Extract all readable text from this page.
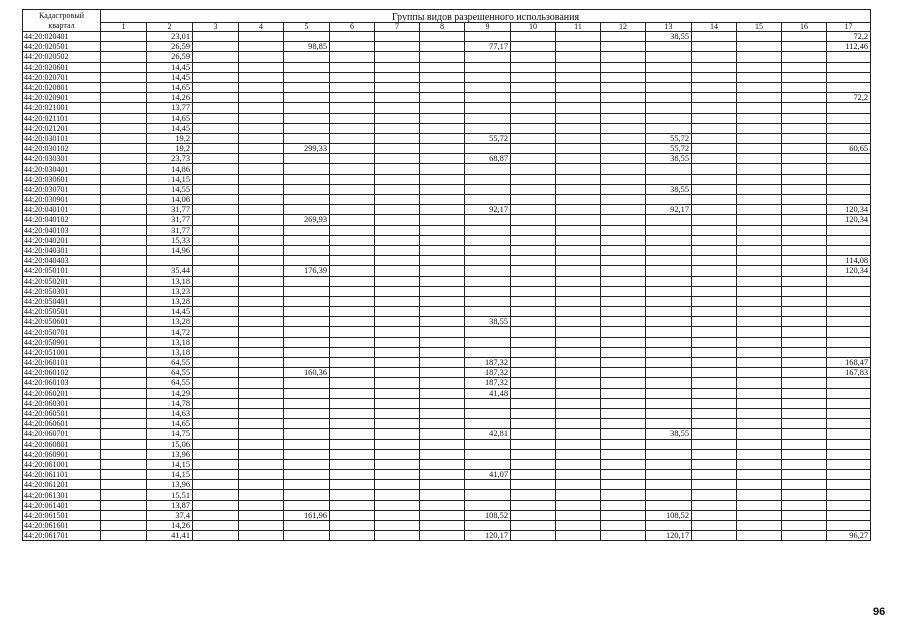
Кадастровый квартал	Группы видов разрешенного использования																
	1	2	3	4	5	6	7	8	9	10	11	12	13	14	15	16	17
44:20:020401		23,01											38,55				72,2
44:20:020501		26,59			98,85				77,17								112,46
44:20:020502		26,59															
44:20:020601		14,45															
44:20:020701		14,45															
44:20:020801		14,65															
44:20:020901		14,26															72,2
44:20:021001		13,77															
44:20:021101		14,65															
44:20:021201		14,45															
44:20:030101		19,2							55,72				55,72				
44:20:030102		19,2			299,33								55,72				60,65
44:20:030301		23,73							68,87				38,55				
44:20:030401		14,86															
44:20:030601		14,15															
44:20:030701		14,55											38,55				
44:20:030901		14,06															
44:20:040101		31,77							92,17				92,17				120,34
44:20:040102		31,77			269,93												120,34
44:20:040103		31,77															
44:20:040201		15,33															
44:20:040301		14,96															
44:20:040403																	114,08
44:20:050101		35,44			176,39												120,34
44:20:050201		13,18															
44:20:050301		13,23															
44:20:050401		13,28															
44:20:050501		14,45															
44:20:050601		13,28							38,55								
44:20:050701		14,72															
44:20:050901		13,18															
44:20:051001		13,18															
44:20:060101		64,55							187,32								168,47
44:20:060102		64,55			160,36				187,32								167,83
44:20:060103		64,55							187,32								
44:20:060201		14,29							41,48								
44:20:060301		14,78															
44:20:060501		14,63															
44:20:060601		14,65															
44:20:060701		14,75							42,81				38,55				
44:20:060801		15,06															
44:20:060901		13,96															
44:20:061001		14,15															
44:20:061101		14,15							41,07								
44:20:061201		13,96															
44:20:061301		15,51															
44:20:061401		13,87															
44:20:061501		37,4			161,96				108,52				108,52				
44:20:061601		14,26															
44:20:061701		41,41							120,17				120,17				96,27
96
